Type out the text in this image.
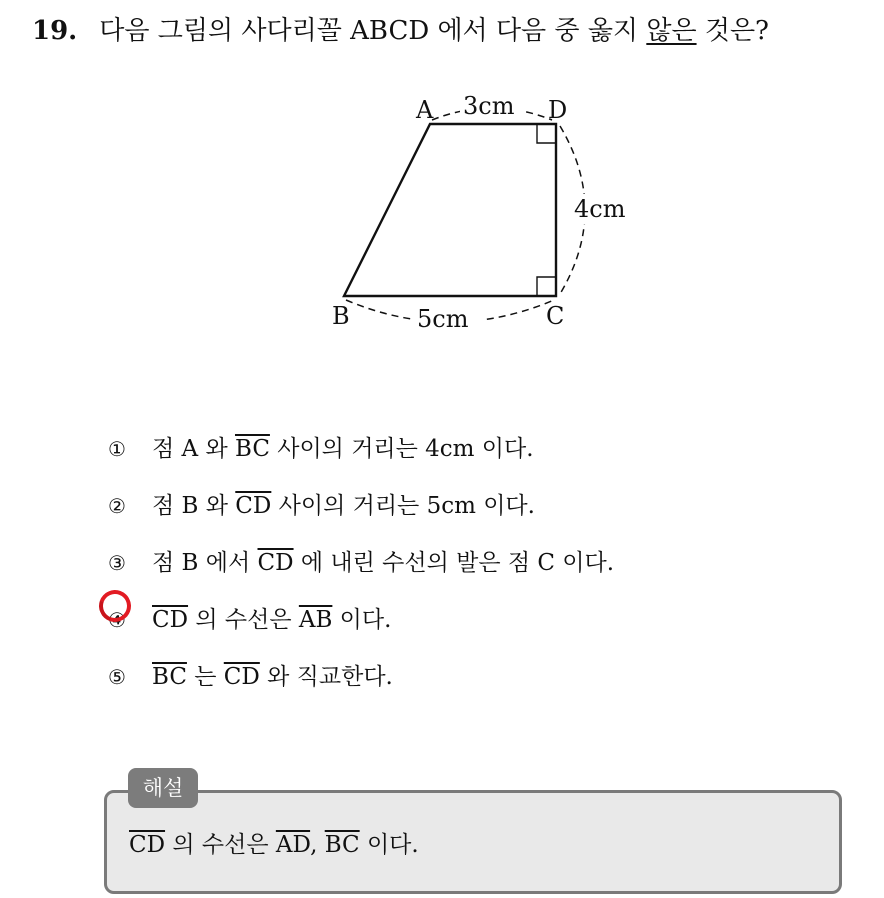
19. 다음 그림의 사다리꼴 ABCD 에서 다음 중 옳지 않은 것은?
A	D
B	C
3cm
4cm
5cm
①	점 A 와 $\overline{BC}$ 사이의 거리는 4cm 이다.
②	점 B 와 $\overline{CD}$ 사이의 거리는 5cm 이다.
③	점 B 에서 $\overline{CD}$ 에 내린 수선의 발은 점 C 이다.
④	$\overline{CD}$ 의 수선은 $\overline{AB}$ 이다.
⑤	$\overline{BC}$ 는 $\overline{CD}$ 와 직교한다.
$\overline{CD}$ 의 수선은 $\overline{AD}$, $\overline{BC}$ 이다.
해설
